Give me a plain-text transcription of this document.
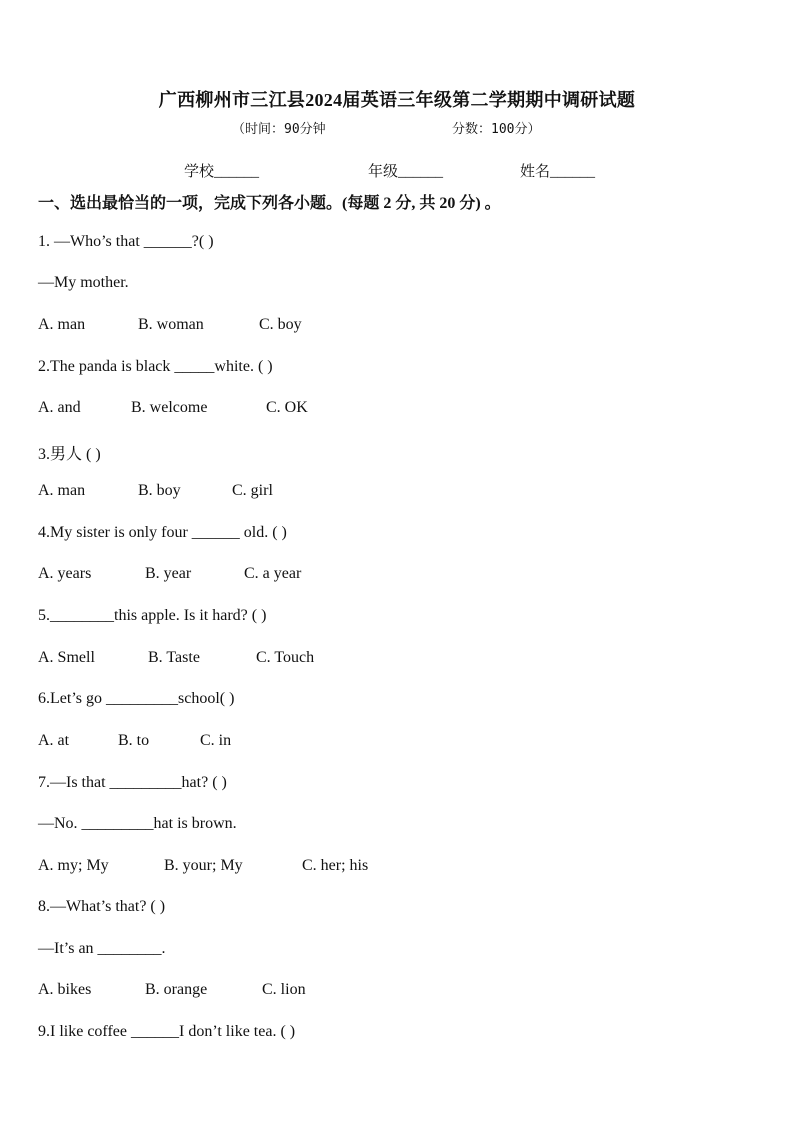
广西柳州市三江县2024届英语三年级第二学期期中调研试题
（时间：90分钟	分数：100分）
学校______	年级______	姓名______
一、选出最恰当的一项，完成下列各小题。(每题 2 分, 共 20 分) 。
1. —Who’s that ______?( )
—My mother.
A. man	B. woman	C. boy
2.The panda is black _____white. ( )
A. and	B. welcome	C. OK
3.男人 ( )
A. man	B. boy	C. girl
4.My sister is only four ______ old. ( )
A. years	B. year	C. a year
5.________this apple. Is it hard? ( )
A. Smell	B. Taste	C. Touch
6.Let’s go _________school( )
A. at	B. to	C. in
7.—Is that _________hat? ( )
—No. _________hat is brown.
A. my; My	B. your; My	C. her; his
8.—What’s that? ( )
—It’s an ________.
A. bikes	B. orange	C. lion
9.I like coffee ______I don’t like tea. ( )
